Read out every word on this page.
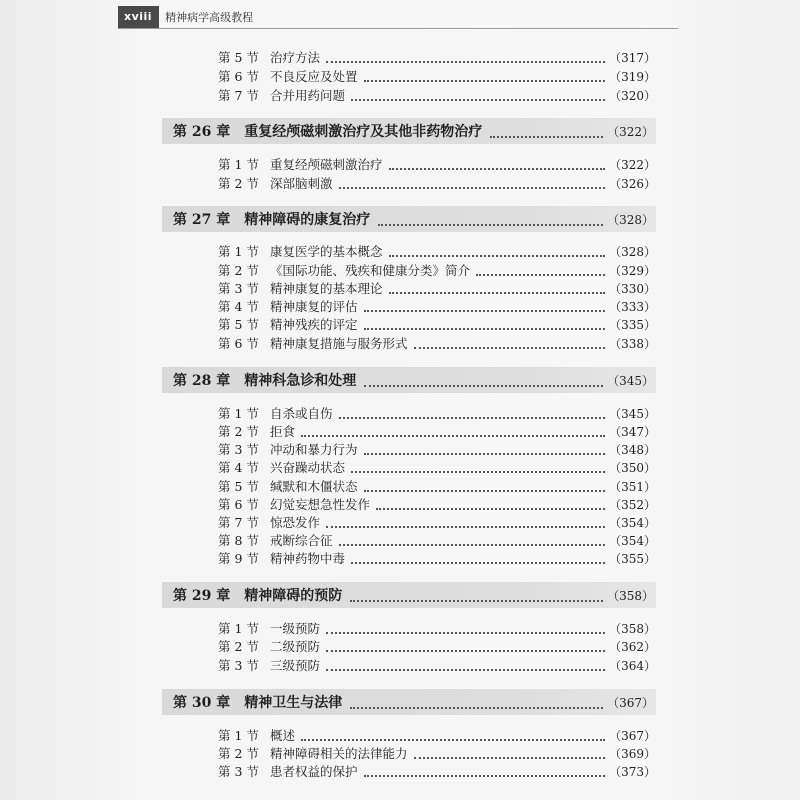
xviii	精神病学高级教程
第 5 节 治疗方法	（317）
第 6 节 不良反应及处置	（319）
第 7 节 合并用药问题	（320）
第 26 章 重复经颅磁刺激治疗及其他非药物治疗	（322）
第 1 节 重复经颅磁刺激治疗	（322）
第 2 节 深部脑刺激	（326）
第 27 章 精神障碍的康复治疗	（328）
第 1 节 康复医学的基本概念	（328）
第 2 节 《国际功能、残疾和健康分类》简介	（329）
第 3 节 精神康复的基本理论	（330）
第 4 节 精神康复的评估	（333）
第 5 节 精神残疾的评定	（335）
第 6 节 精神康复措施与服务形式	（338）
第 28 章 精神科急诊和处理	（345）
第 1 节 自杀或自伤	（345）
第 2 节 拒食	（347）
第 3 节 冲动和暴力行为	（348）
第 4 节 兴奋躁动状态	（350）
第 5 节 缄默和木僵状态	（351）
第 6 节 幻觉妄想急性发作	（352）
第 7 节 惊恐发作	（354）
第 8 节 戒断综合征	（354）
第 9 节 精神药物中毒	（355）
第 29 章 精神障碍的预防	（358）
第 1 节 一级预防	（358）
第 2 节 二级预防	（362）
第 3 节 三级预防	（364）
第 30 章 精神卫生与法律	（367）
第 1 节 概述	（367）
第 2 节 精神障碍相关的法律能力	（369）
第 3 节 患者权益的保护	（373）
